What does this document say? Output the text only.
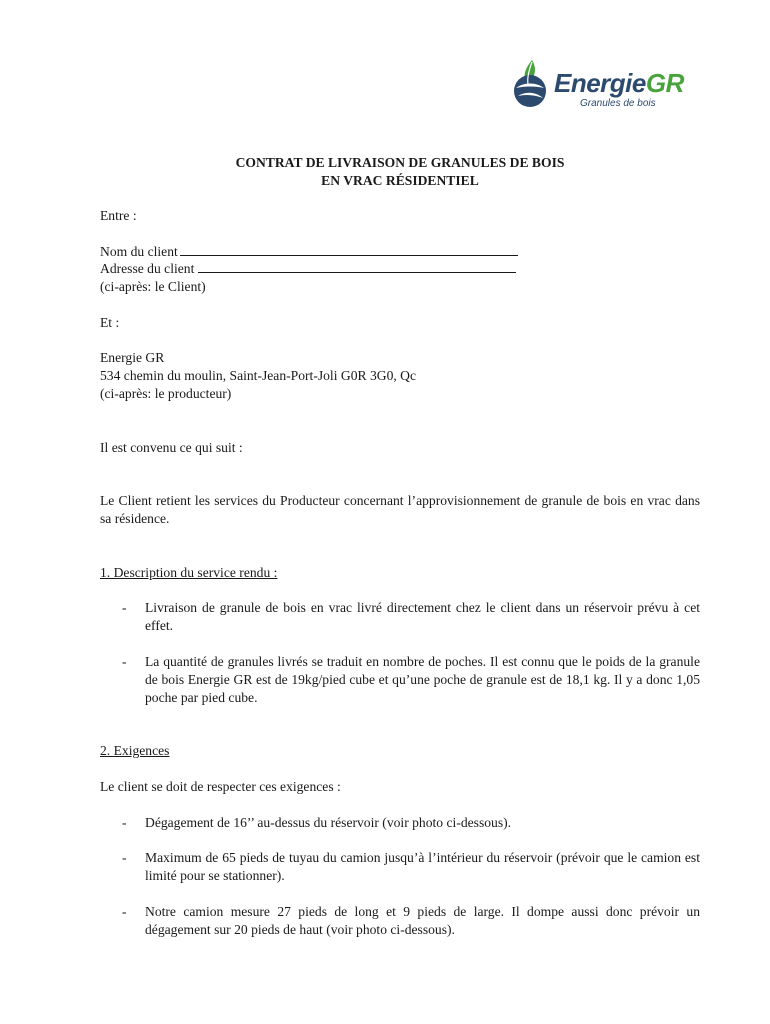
EnergieGR
Granules de bois

CONTRAT DE LIVRAISON DE GRANULES DE BOIS

EN VRAC RÉSIDENTIEL

Entre :

Nom du client

Adresse du client

(ci-après: le Client)

Et :

Energie GR

534 chemin du moulin, Saint-Jean-Port-Joli G0R 3G0, Qc

(ci-après: le producteur)

Il est convenu ce qui suit :

Le Client retient les services du Producteur concernant l’approvisionnement de granule de bois en vrac dans sa résidence.

1. Description du service rendu :

- Livraison de granule de bois en vrac livré directement chez le client dans un réservoir prévu à cet effet.

- La quantité de granules livrés se traduit en nombre de poches. Il est connu que le poids de la granule de bois Energie GR est de 19kg/pied cube et qu’une poche de granule est de 18,1 kg. Il y a donc 1,05 poche par pied cube.

2. Exigences

Le client se doit de respecter ces exigences :

- Dégagement de 16’’ au-dessus du réservoir (voir photo ci-dessous).

- Maximum de 65 pieds de tuyau du camion jusqu’à l’intérieur du réservoir (prévoir que le camion est limité pour se stationner).

- Notre camion mesure 27 pieds de long et 9 pieds de large. Il dompe aussi donc prévoir un dégagement sur 20 pieds de haut (voir photo ci-dessous).
